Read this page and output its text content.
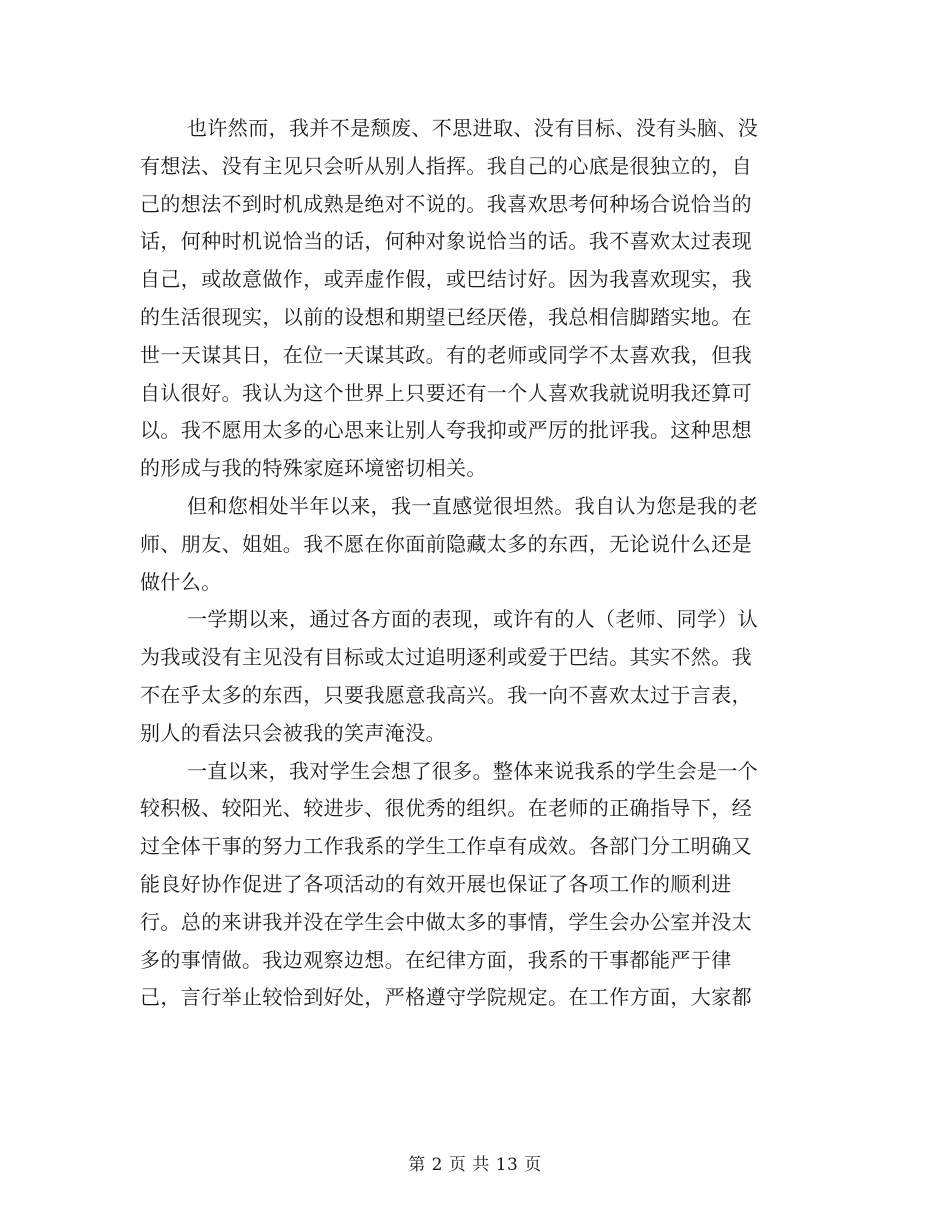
也许然而，我并不是颓废、不思进取、没有目标、没有头脑、没
有想法、没有主见只会听从别人指挥。我自己的心底是很独立的，自
己的想法不到时机成熟是绝对不说的。我喜欢思考何种场合说恰当的
话，何种时机说恰当的话，何种对象说恰当的话。我不喜欢太过表现
自己，或故意做作，或弄虚作假，或巴结讨好。因为我喜欢现实，我
的生活很现实，以前的设想和期望已经厌倦，我总相信脚踏实地。在
世一天谋其日，在位一天谋其政。有的老师或同学不太喜欢我，但我
自认很好。我认为这个世界上只要还有一个人喜欢我就说明我还算可
以。我不愿用太多的心思来让别人夸我抑或严厉的批评我。这种思想
的形成与我的特殊家庭环境密切相关。
但和您相处半年以来，我一直感觉很坦然。我自认为您是我的老
师、朋友、姐姐。我不愿在你面前隐藏太多的东西，无论说什么还是
做什么。
一学期以来，通过各方面的表现，或许有的人（老师、同学）认
为我或没有主见没有目标或太过追明逐利或爱于巴结。其实不然。我
不在乎太多的东西，只要我愿意我高兴。我一向不喜欢太过于言表，
别人的看法只会被我的笑声淹没。
一直以来，我对学生会想了很多。整体来说我系的学生会是一个
较积极、较阳光、较进步、很优秀的组织。在老师的正确指导下，经
过全体干事的努力工作我系的学生工作卓有成效。各部门分工明确又
能良好协作促进了各项活动的有效开展也保证了各项工作的顺利进
行。总的来讲我并没在学生会中做太多的事情，学生会办公室并没太
多的事情做。我边观察边想。在纪律方面，我系的干事都能严于律
己，言行举止较恰到好处，严格遵守学院规定。在工作方面，大家都
第 2 页 共 13 页
